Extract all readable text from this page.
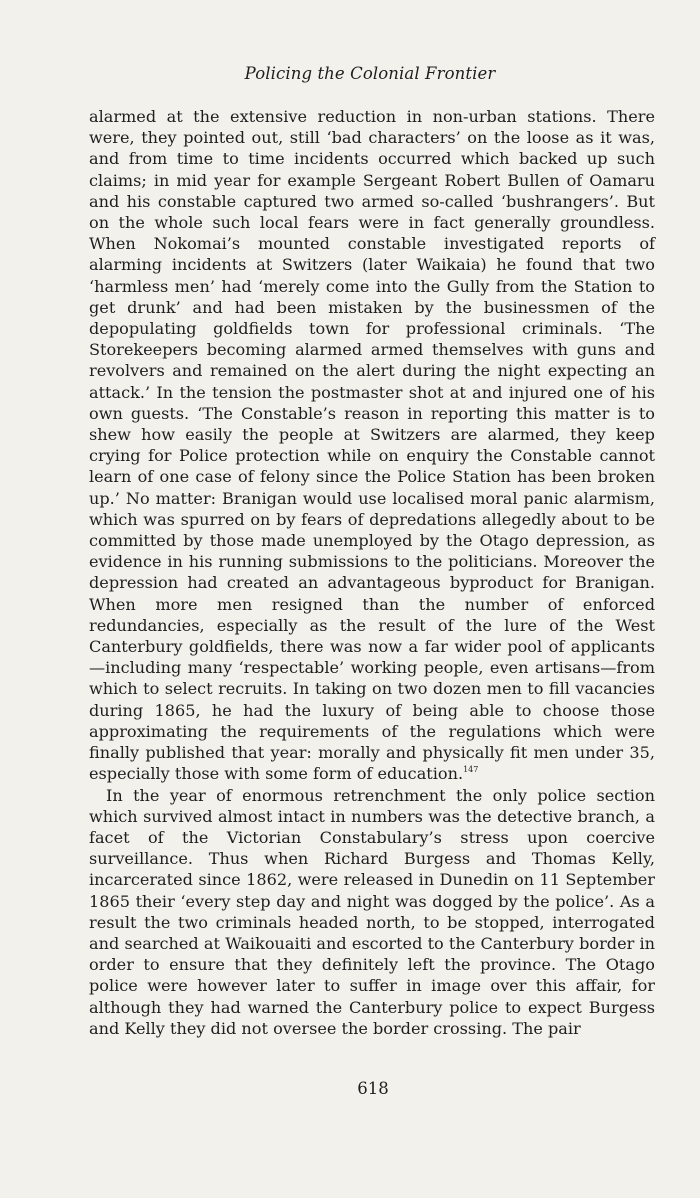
Policing the Colonial Frontier

alarmed at the extensive reduction in non-urban stations. There were, they pointed out, still ‘bad characters’ on the loose as it was, and from time to time incidents occurred which backed up such claims; in mid year for example Sergeant Robert Bullen of Oamaru and his constable captured two armed so-called ‘bushrangers’. But on the whole such local fears were in fact generally groundless. When Nokomai’s mounted constable investigated reports of alarming incidents at Switzers (later Waikaia) he found that two ‘harmless men’ had ‘merely come into the Gully from the Station to get drunk’ and had been mistaken by the businessmen of the depopulating goldfields town for professional criminals. ‘The Storekeepers becoming alarmed armed themselves with guns and revolvers and remained on the alert during the night expecting an attack.’ In the tension the postmaster shot at and injured one of his own guests. ‘The Constable’s reason in reporting this matter is to shew how easily the people at Switzers are alarmed, they keep crying for Police protection while on enquiry the Constable cannot learn of one case of felony since the Police Station has been broken up.’ No matter: Branigan would use localised moral panic alarmism, which was spurred on by fears of depredations allegedly about to be committed by those made unemployed by the Otago depression, as evidence in his running submissions to the politicians. Moreover the depression had created an advantageous byproduct for Branigan. When more men resigned than the number of enforced redundancies, especially as the result of the lure of the West Canterbury goldfields, there was now a far wider pool of applicants—including many ‘respectable’ working people, even artisans—from which to select recruits. In taking on two dozen men to fill vacancies during 1865, he had the luxury of being able to choose those approximating the requirements of the regulations which were finally published that year: morally and physically fit men under 35, especially those with some form of education.$^{147}$

In the year of enormous retrenchment the only police section which survived almost intact in numbers was the detective branch, a facet of the Victorian Constabulary’s stress upon coercive surveillance. Thus when Richard Burgess and Thomas Kelly, incarcerated since 1862, were released in Dunedin on 11 September 1865 their ‘every step day and night was dogged by the police’. As a result the two criminals headed north, to be stopped, interrogated and searched at Waikouaiti and escorted to the Canterbury border in order to ensure that they definitely left the province. The Otago police were however later to suffer in image over this affair, for although they had warned the Canterbury police to expect Burgess and Kelly they did not oversee the border crossing. The pair

618
